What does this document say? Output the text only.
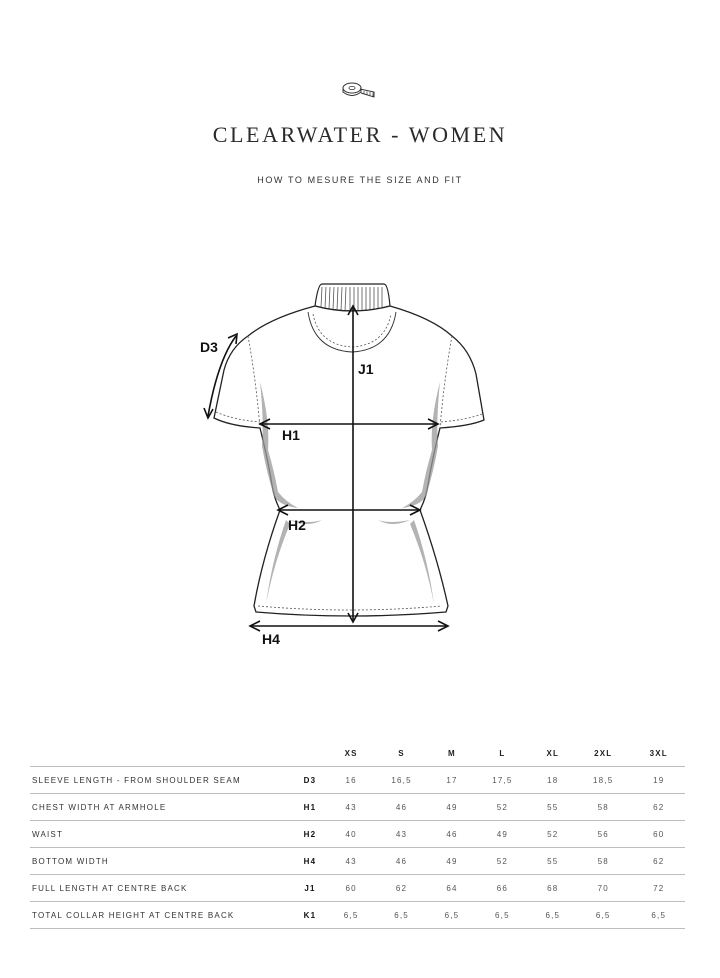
CLEARWATER - WOMEN
HOW TO MESURE THE SIZE AND FIT
D3
J1
H1
H2
H4
		XS	S	M	L	XL	2XL	3XL
SLEEVE LENGTH - FROM SHOULDER SEAM	D3	16	16,5	17	17,5	18	18,5	19
CHEST WIDTH AT ARMHOLE	H1	43	46	49	52	55	58	62
WAIST	H2	40	43	46	49	52	56	60
BOTTOM WIDTH	H4	43	46	49	52	55	58	62
FULL LENGTH AT CENTRE BACK	J1	60	62	64	66	68	70	72
TOTAL COLLAR HEIGHT AT CENTRE BACK	K1	6,5	6,5	6,5	6,5	6,5	6,5	6,5
